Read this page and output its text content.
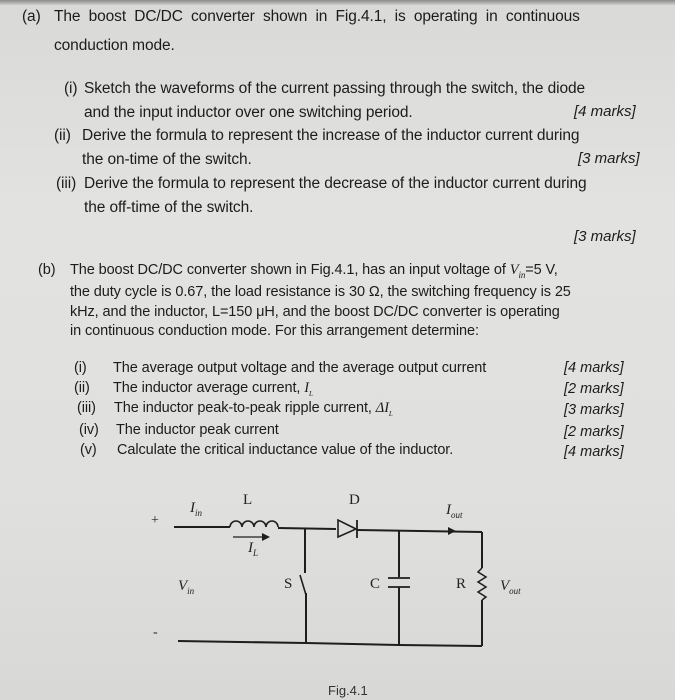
(a) The boost DC/DC converter shown in Fig.4.1, is operating in continuous
conduction mode.
(i) Sketch the waveforms of the current passing through the switch, the diode
and the input inductor over one switching period.	[4 marks]
(ii) Derive the formula to represent the increase of the inductor current during
the on-time of the switch.	[3 marks]
(iii) Derive the formula to represent the decrease of the inductor current during
the off-time of the switch.
[3 marks]
(b) The boost DC/DC converter shown in Fig.4.1, has an input voltage of $V_{in}=5$ V,
the duty cycle is 0.67, the load resistance is 30 Ω, the switching frequency is 25
kHz, and the inductor, L=150 μH, and the boost DC/DC converter is operating
in continuous conduction mode. For this arrangement determine:
(i) The average output voltage and the average output current	[4 marks]
(ii) The inductor average current, $I_L$	[2 marks]
(iii) The inductor peak-to-peak ripple current, $\Delta I_L$	[3 marks]
(iv) The inductor peak current	[2 marks]
(v) Calculate the critical inductance value of the inductor.	[4 marks]
+
-
L	D
S	C	R
$I_{in}$
$I_L$
$I_{out}$
$V_{in}$	$V_{out}$
Fig.4.1
